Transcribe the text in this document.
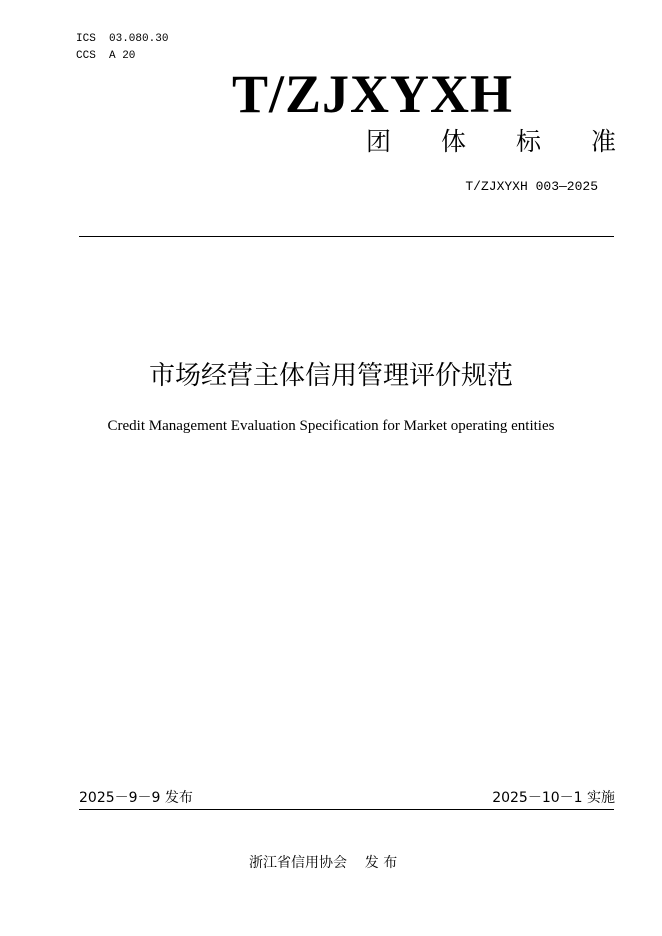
ICS  03.080.30
CCS  A 20
T/ZJXYXH
团 体 标 准
T/ZJXYXH 003—2025
市场经营主体信用管理评价规范
Credit Management Evaluation Specification for Market operating entities
2025－9－9 发布	2025－10－1 实施
浙江省信用协会    发 布
